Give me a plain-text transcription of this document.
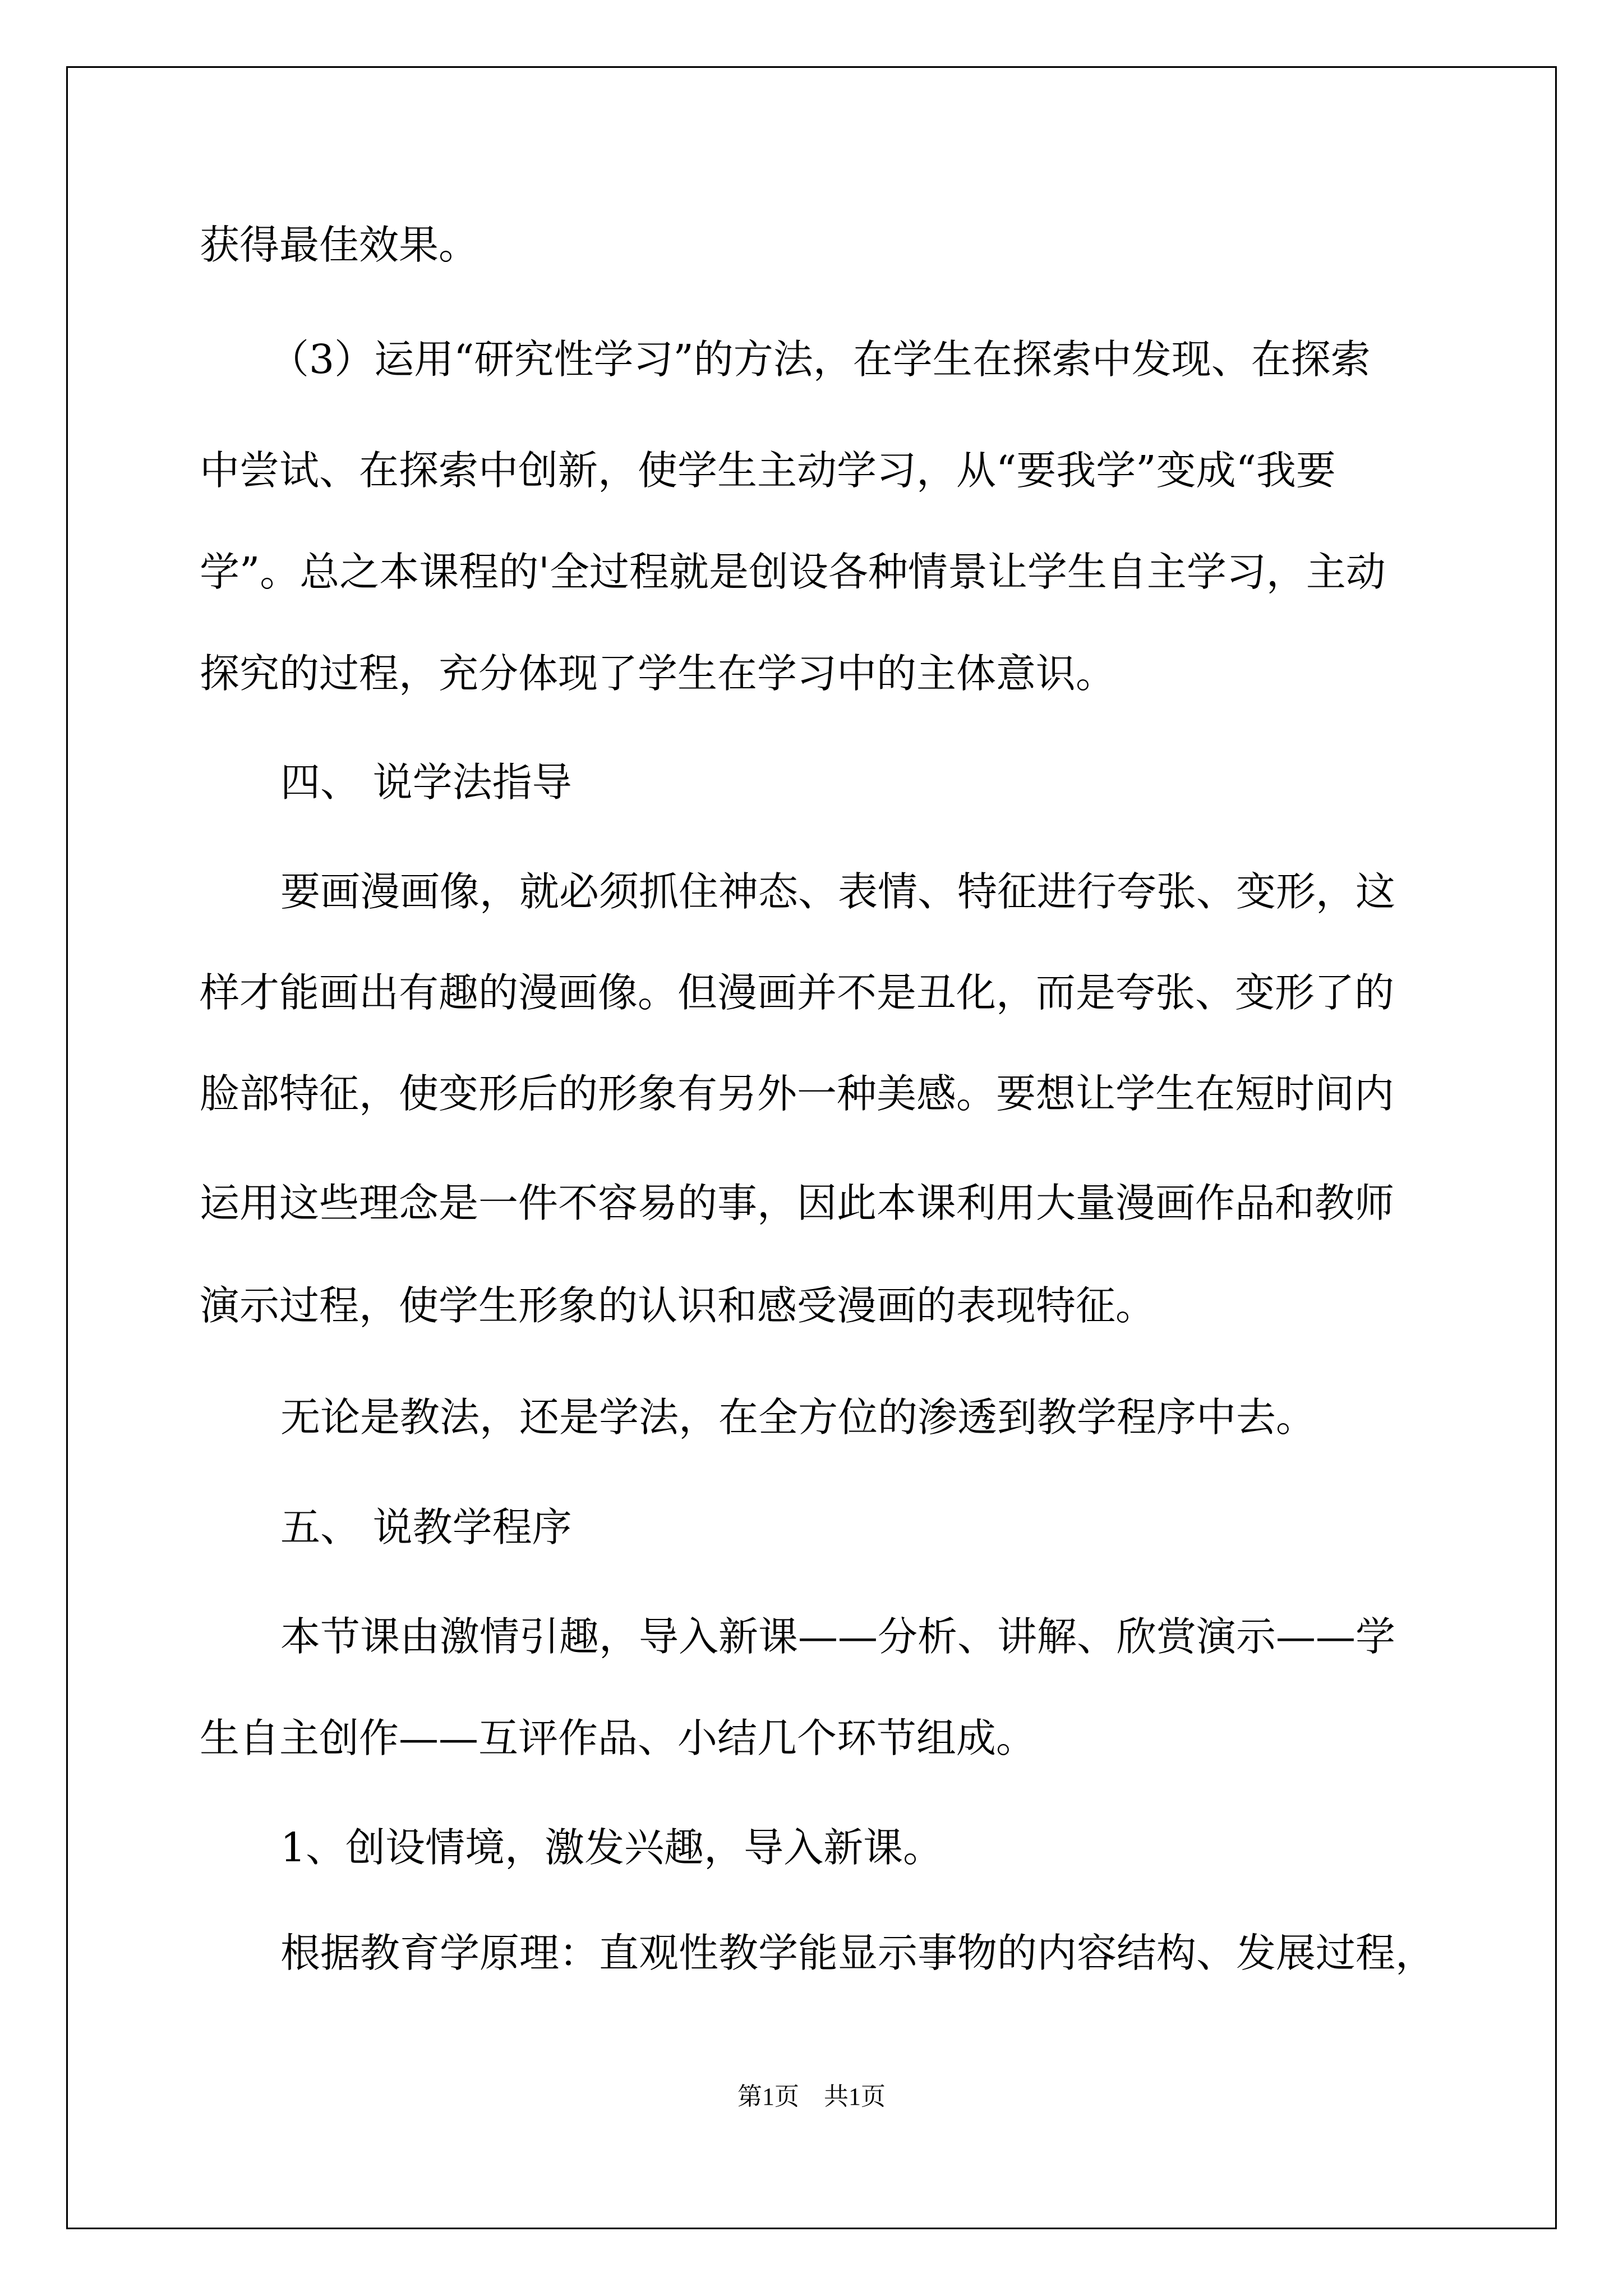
获得最佳效果。
（3）运用“研究性学习”的方法，在学生在探索中发现、在探索
中尝试、在探索中创新，使学生主动学习，从“要我学”变成“我要
学”。总之本课程的'全过程就是创设各种情景让学生自主学习，主动
探究的过程，充分体现了学生在学习中的主体意识。
四、 说学法指导
要画漫画像，就必须抓住神态、表情、特征进行夸张、变形，这
样才能画出有趣的漫画像。但漫画并不是丑化，而是夸张、变形了的
脸部特征，使变形后的形象有另外一种美感。要想让学生在短时间内
运用这些理念是一件不容易的事，因此本课利用大量漫画作品和教师
演示过程，使学生形象的认识和感受漫画的表现特征。
无论是教法，还是学法，在全方位的渗透到教学程序中去。
五、 说教学程序
本节课由激情引趣，导入新课——分析、讲解、欣赏演示——学
生自主创作——互评作品、小结几个环节组成。
1、创设情境，激发兴趣，导入新课。
根据教育学原理：直观性教学能显示事物的内容结构、发展过程，
第1页　共1页
